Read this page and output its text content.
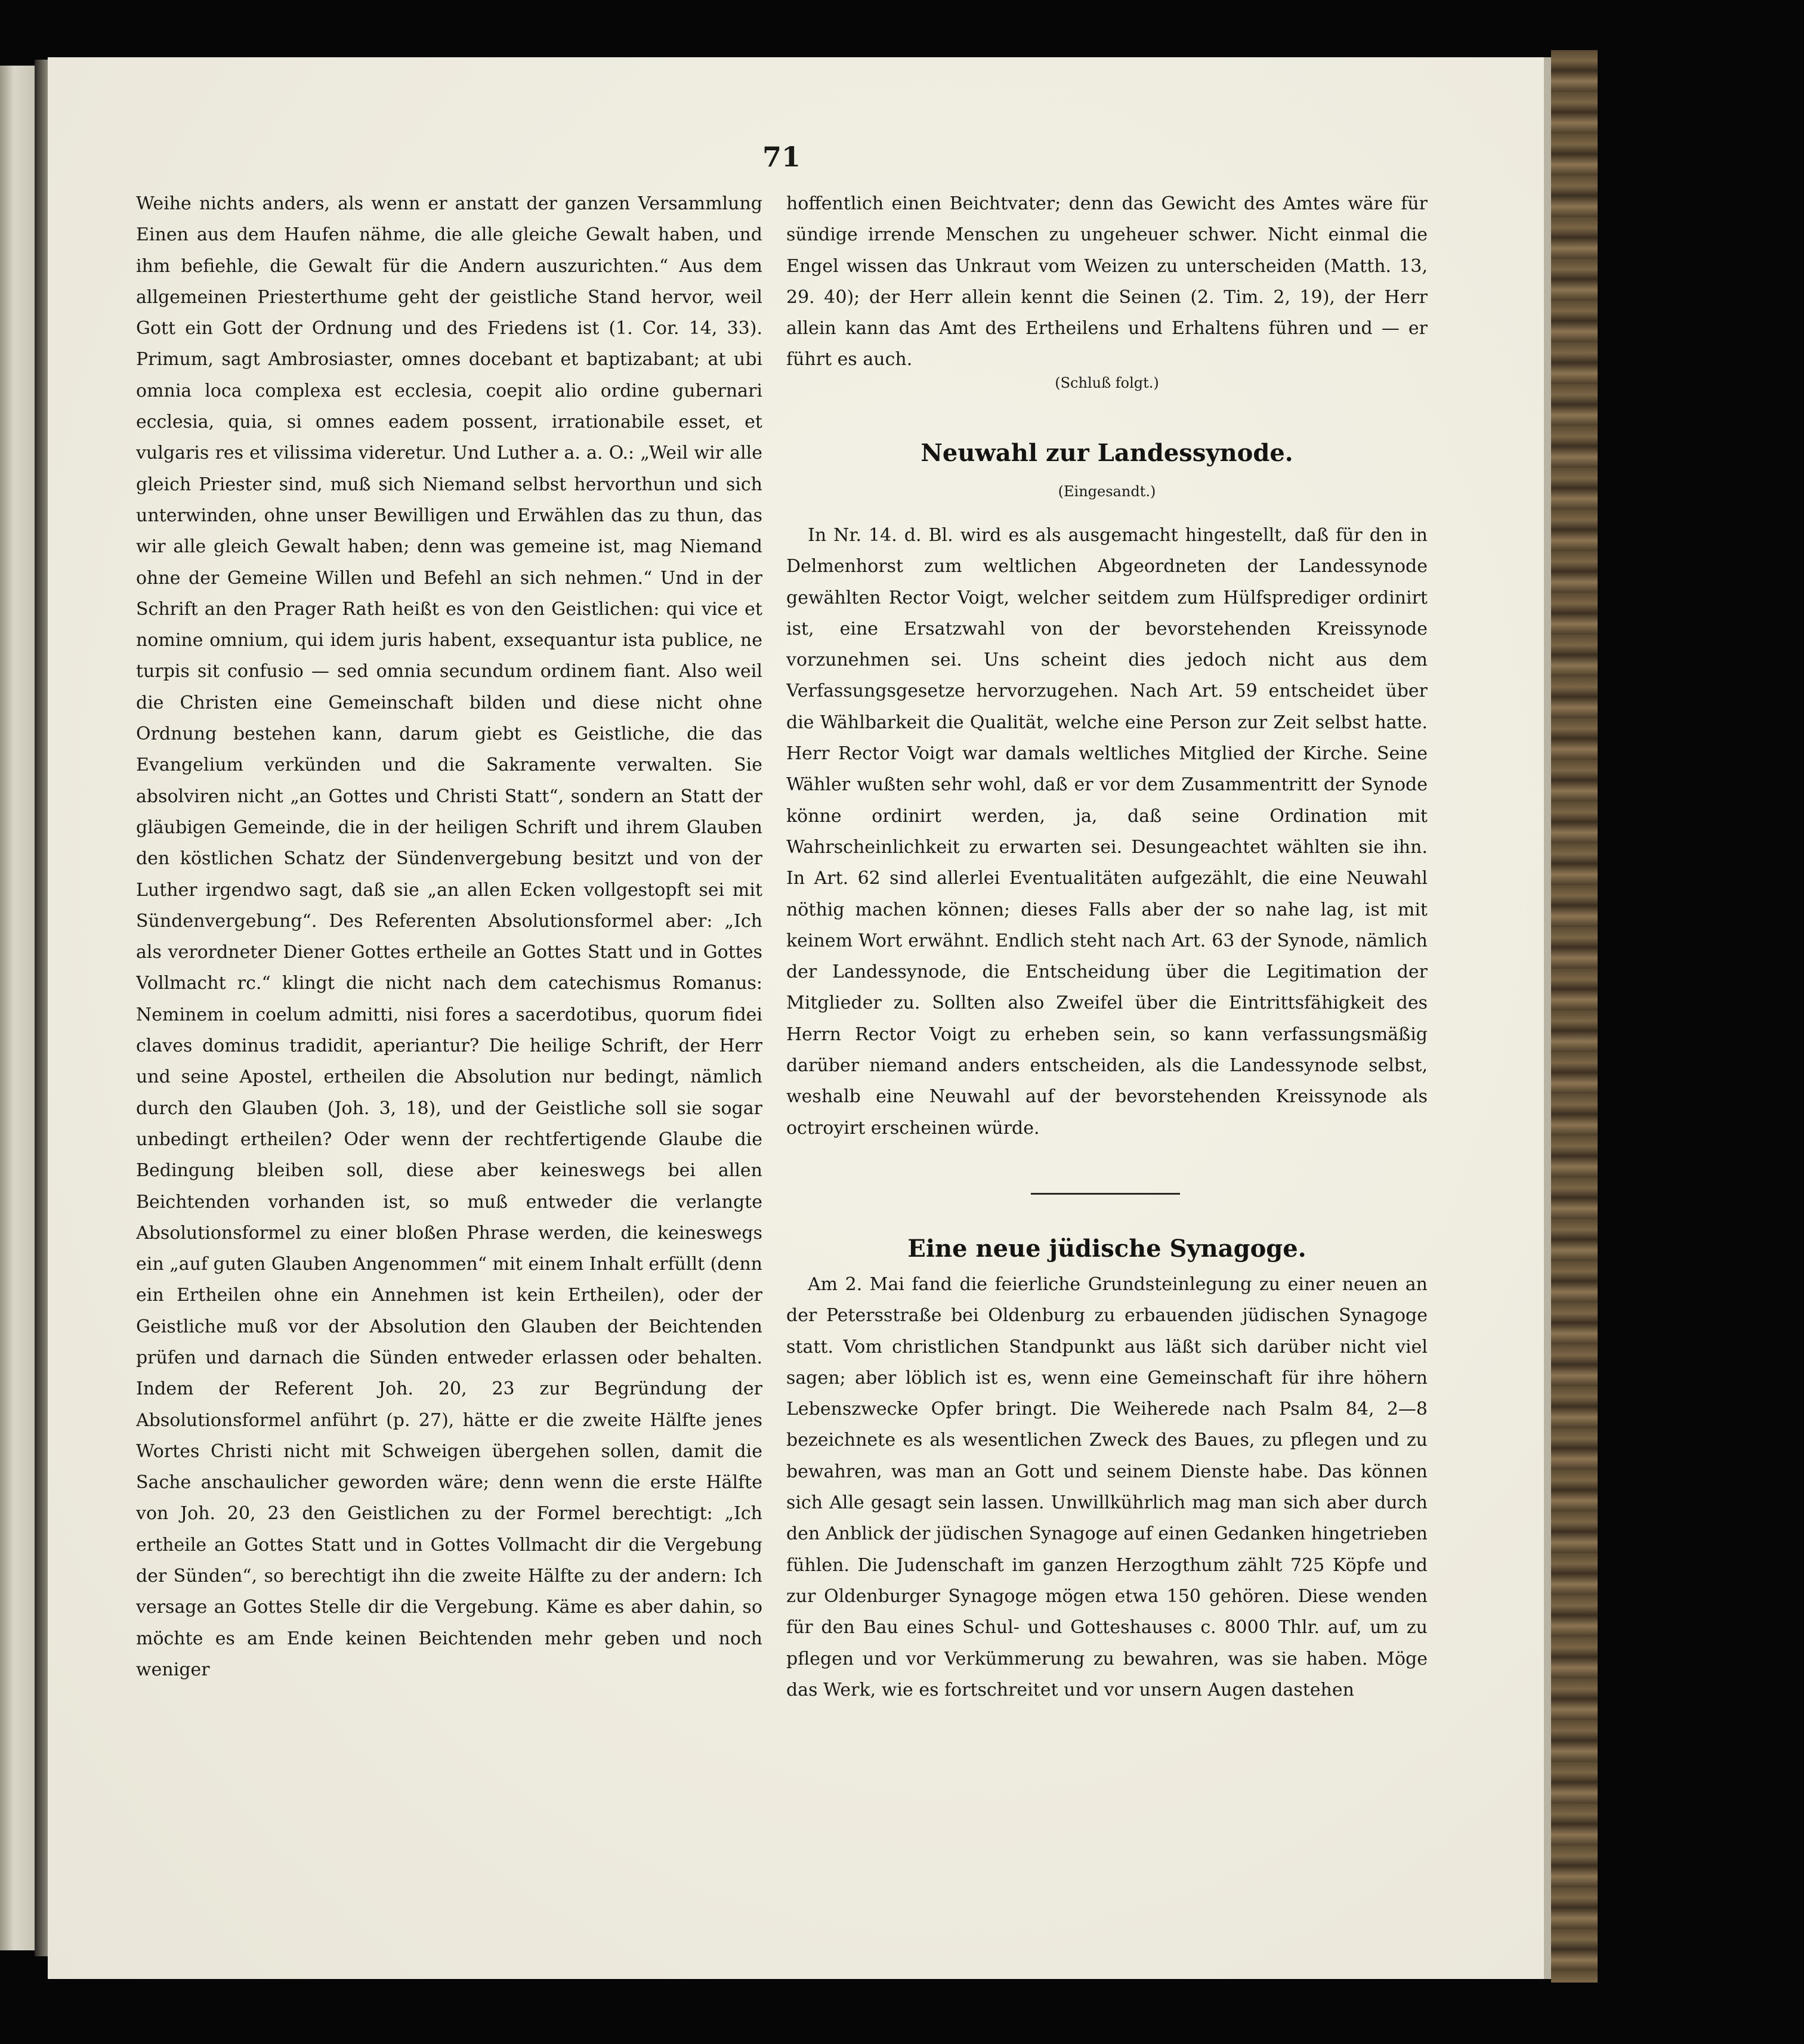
71

Weihe nichts anders, als wenn er anstatt der ganzen Versammlung Einen aus dem Haufen nähme, die alle gleiche Gewalt haben, und ihm befiehle, die Gewalt für die Andern auszurichten.“ Aus dem allgemeinen Priesterthume geht der geistliche Stand hervor, weil Gott ein Gott der Ordnung und des Friedens ist (1. Cor. 14, 33). Primum, sagt Ambrosiaster, omnes docebant et baptizabant; at ubi omnia loca complexa est ecclesia, coepit alio ordine gubernari ecclesia, quia, si omnes eadem possent, irrationabile esset, et vulgaris res et vilissima videretur. Und Luther a. a. O.: „Weil wir alle gleich Priester sind, muß sich Niemand selbst hervorthun und sich unterwinden, ohne unser Bewilligen und Erwählen das zu thun, das wir alle gleich Gewalt haben; denn was gemeine ist, mag Niemand ohne der Gemeine Willen und Befehl an sich nehmen.“ Und in der Schrift an den Prager Rath heißt es von den Geistlichen: qui vice et nomine omnium, qui idem juris habent, exsequantur ista publice, ne turpis sit confusio — sed omnia secundum ordinem fiant. Also weil die Christen eine Gemeinschaft bilden und diese nicht ohne Ordnung bestehen kann, darum giebt es Geistliche, die das Evangelium verkünden und die Sakramente verwalten. Sie absolviren nicht „an Gottes und Christi Statt“, sondern an Statt der gläubigen Gemeinde, die in der heiligen Schrift und ihrem Glauben den köstlichen Schatz der Sündenvergebung besitzt und von der Luther irgendwo sagt, daß sie „an allen Ecken vollgestopft sei mit Sündenvergebung“. Des Referenten Absolutionsformel aber: „Ich als verordneter Diener Gottes ertheile an Gottes Statt und in Gottes Vollmacht rc.“ klingt die nicht nach dem catechismus Romanus: Neminem in coelum admitti, nisi fores a sacerdotibus, quorum fidei claves dominus tradidit, aperiantur? Die heilige Schrift, der Herr und seine Apostel, ertheilen die Absolution nur bedingt, nämlich durch den Glauben (Joh. 3, 18), und der Geistliche soll sie sogar unbedingt ertheilen? Oder wenn der rechtfertigende Glaube die Bedingung bleiben soll, diese aber keineswegs bei allen Beichtenden vorhanden ist, so muß entweder die verlangte Absolutionsformel zu einer bloßen Phrase werden, die keineswegs ein „auf guten Glauben Angenommen“ mit einem Inhalt erfüllt (denn ein Ertheilen ohne ein Annehmen ist kein Ertheilen), oder der Geistliche muß vor der Absolution den Glauben der Beichtenden prüfen und darnach die Sünden entweder erlassen oder behalten. Indem der Referent Joh. 20, 23 zur Begründung der Absolutionsformel anführt (p. 27), hätte er die zweite Hälfte jenes Wortes Christi nicht mit Schweigen übergehen sollen, damit die Sache anschaulicher geworden wäre; denn wenn die erste Hälfte von Joh. 20, 23 den Geistlichen zu der Formel berechtigt: „Ich ertheile an Gottes Statt und in Gottes Vollmacht dir die Vergebung der Sünden“, so berechtigt ihn die zweite Hälfte zu der andern: Ich versage an Gottes Stelle dir die Vergebung. Käme es aber dahin, so möchte es am Ende keinen Beichtenden mehr geben und noch weniger

hoffentlich einen Beichtvater; denn das Gewicht des Amtes wäre für sündige irrende Menschen zu ungeheuer schwer. Nicht einmal die Engel wissen das Unkraut vom Weizen zu unterscheiden (Matth. 13, 29. 40); der Herr allein kennt die Seinen (2. Tim. 2, 19), der Herr allein kann das Amt des Ertheilens und Erhaltens führen und — er führt es auch.

(Schluß folgt.)
Neuwahl zur Landessynode.
(Eingesandt.)

In Nr. 14. d. Bl. wird es als ausgemacht hingestellt, daß für den in Delmenhorst zum weltlichen Abgeordneten der Landessynode gewählten Rector Voigt, welcher seitdem zum Hülfsprediger ordinirt ist, eine Ersatzwahl von der bevorstehenden Kreissynode vorzunehmen sei. Uns scheint dies jedoch nicht aus dem Verfassungsgesetze hervorzugehen. Nach Art. 59 entscheidet über die Wählbarkeit die Qualität, welche eine Person zur Zeit selbst hatte. Herr Rector Voigt war damals weltliches Mitglied der Kirche. Seine Wähler wußten sehr wohl, daß er vor dem Zusammentritt der Synode könne ordinirt werden, ja, daß seine Ordination mit Wahrscheinlichkeit zu erwarten sei. Desungeachtet wählten sie ihn. In Art. 62 sind allerlei Eventualitäten aufgezählt, die eine Neuwahl nöthig machen können; dieses Falls aber der so nahe lag, ist mit keinem Wort erwähnt. Endlich steht nach Art. 63 der Synode, nämlich der Landessynode, die Entscheidung über die Legitimation der Mitglieder zu. Sollten also Zweifel über die Eintrittsfähigkeit des Herrn Rector Voigt zu erheben sein, so kann verfassungsmäßig darüber niemand anders entscheiden, als die Landessynode selbst, weshalb eine Neuwahl auf der bevorstehenden Kreissynode als octroyirt erscheinen würde.

Eine neue jüdische Synagoge.

Am 2. Mai fand die feierliche Grundsteinlegung zu einer neuen an der Petersstraße bei Oldenburg zu erbauenden jüdischen Synagoge statt. Vom christlichen Standpunkt aus läßt sich darüber nicht viel sagen; aber löblich ist es, wenn eine Gemeinschaft für ihre höhern Lebenszwecke Opfer bringt. Die Weiherede nach Psalm 84, 2—8 bezeichnete es als wesentlichen Zweck des Baues, zu pflegen und zu bewahren, was man an Gott und seinem Dienste habe. Das können sich Alle gesagt sein lassen. Unwillkührlich mag man sich aber durch den Anblick der jüdischen Synagoge auf einen Gedanken hingetrieben fühlen. Die Judenschaft im ganzen Herzogthum zählt 725 Köpfe und zur Oldenburger Synagoge mögen etwa 150 gehören. Diese wenden für den Bau eines Schul- und Gotteshauses c. 8000 Thlr. auf, um zu pflegen und vor Verkümmerung zu bewahren, was sie haben. Möge das Werk, wie es fortschreitet und vor unsern Augen dastehen
